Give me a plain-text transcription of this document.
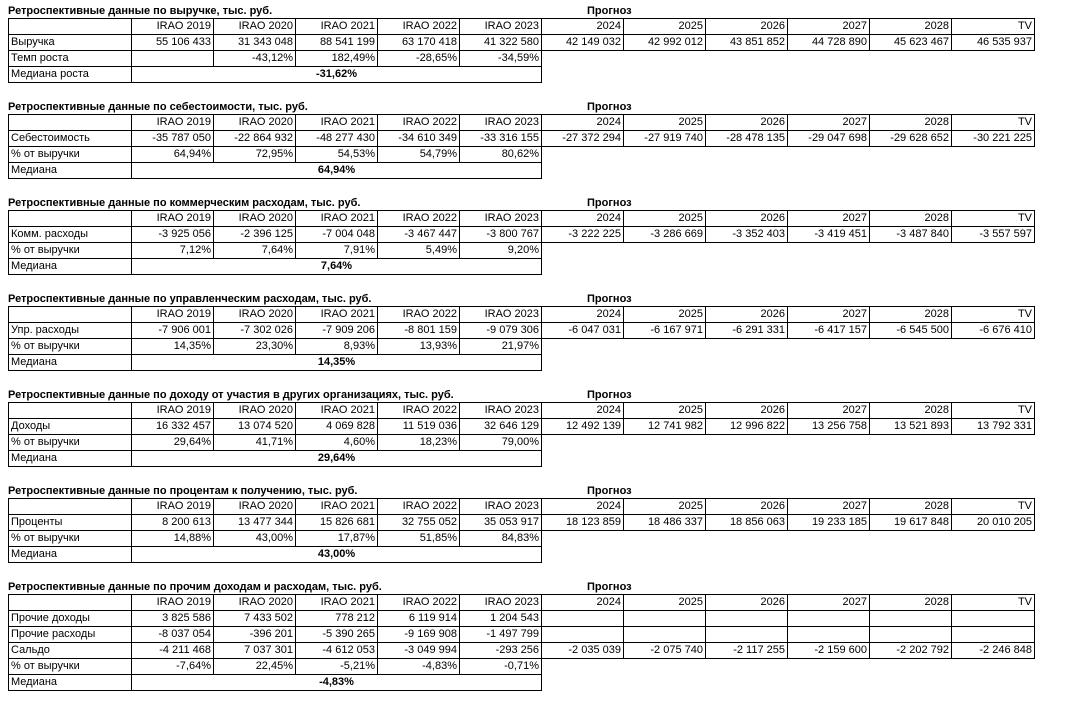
Ретроспективные данные по выручке, тыс. руб.	Прогноз
	IRAO 2019	IRAO 2020	IRAO 2021	IRAO 2022	IRAO 2023	2024	2025	2026	2027	2028	TV
Выручка	55 106 433	31 343 048	88 541 199	63 170 418	41 322 580	42 149 032	42 992 012	43 851 852	44 728 890	45 623 467	46 535 937
Темп роста		-43,12%	182,49%	-28,65%	-34,59%						
Медиана роста	-31,62%										
Ретроспективные данные по себестоимости, тыс. руб.	Прогноз
	IRAO 2019	IRAO 2020	IRAO 2021	IRAO 2022	IRAO 2023	2024	2025	2026	2027	2028	TV
Себестоимость	-35 787 050	-22 864 932	-48 277 430	-34 610 349	-33 316 155	-27 372 294	-27 919 740	-28 478 135	-29 047 698	-29 628 652	-30 221 225
% от выручки	64,94%	72,95%	54,53%	54,79%	80,62%						
Медиана	64,94%										
Ретроспективные данные по коммерческим расходам, тыс. руб.	Прогноз
	IRAO 2019	IRAO 2020	IRAO 2021	IRAO 2022	IRAO 2023	2024	2025	2026	2027	2028	TV
Комм. расходы	-3 925 056	-2 396 125	-7 004 048	-3 467 447	-3 800 767	-3 222 225	-3 286 669	-3 352 403	-3 419 451	-3 487 840	-3 557 597
% от выручки	7,12%	7,64%	7,91%	5,49%	9,20%						
Медиана	7,64%										
Ретроспективные данные по управленческим расходам, тыс. руб.	Прогноз
	IRAO 2019	IRAO 2020	IRAO 2021	IRAO 2022	IRAO 2023	2024	2025	2026	2027	2028	TV
Упр. расходы	-7 906 001	-7 302 026	-7 909 206	-8 801 159	-9 079 306	-6 047 031	-6 167 971	-6 291 331	-6 417 157	-6 545 500	-6 676 410
% от выручки	14,35%	23,30%	8,93%	13,93%	21,97%						
Медиана	14,35%										
Ретроспективные данные по доходу от участия в других организациях, тыс. руб.	Прогноз
	IRAO 2019	IRAO 2020	IRAO 2021	IRAO 2022	IRAO 2023	2024	2025	2026	2027	2028	TV
Доходы	16 332 457	13 074 520	4 069 828	11 519 036	32 646 129	12 492 139	12 741 982	12 996 822	13 256 758	13 521 893	13 792 331
% от выручки	29,64%	41,71%	4,60%	18,23%	79,00%						
Медиана	29,64%										
Ретроспективные данные по процентам к получению, тыс. руб.	Прогноз
	IRAO 2019	IRAO 2020	IRAO 2021	IRAO 2022	IRAO 2023	2024	2025	2026	2027	2028	TV
Проценты	8 200 613	13 477 344	15 826 681	32 755 052	35 053 917	18 123 859	18 486 337	18 856 063	19 233 185	19 617 848	20 010 205
% от выручки	14,88%	43,00%	17,87%	51,85%	84,83%						
Медиана	43,00%										
Ретроспективные данные по прочим доходам и расходам, тыс. руб.	Прогноз
	IRAO 2019	IRAO 2020	IRAO 2021	IRAO 2022	IRAO 2023	2024	2025	2026	2027	2028	TV
Прочие доходы	3 825 586	7 433 502	778 212	6 119 914	1 204 543						
Прочие расходы	-8 037 054	-396 201	-5 390 265	-9 169 908	-1 497 799						
Сальдо	-4 211 468	7 037 301	-4 612 053	-3 049 994	-293 256	-2 035 039	-2 075 740	-2 117 255	-2 159 600	-2 202 792	-2 246 848
% от выручки	-7,64%	22,45%	-5,21%	-4,83%	-0,71%						
Медиана	-4,83%										
